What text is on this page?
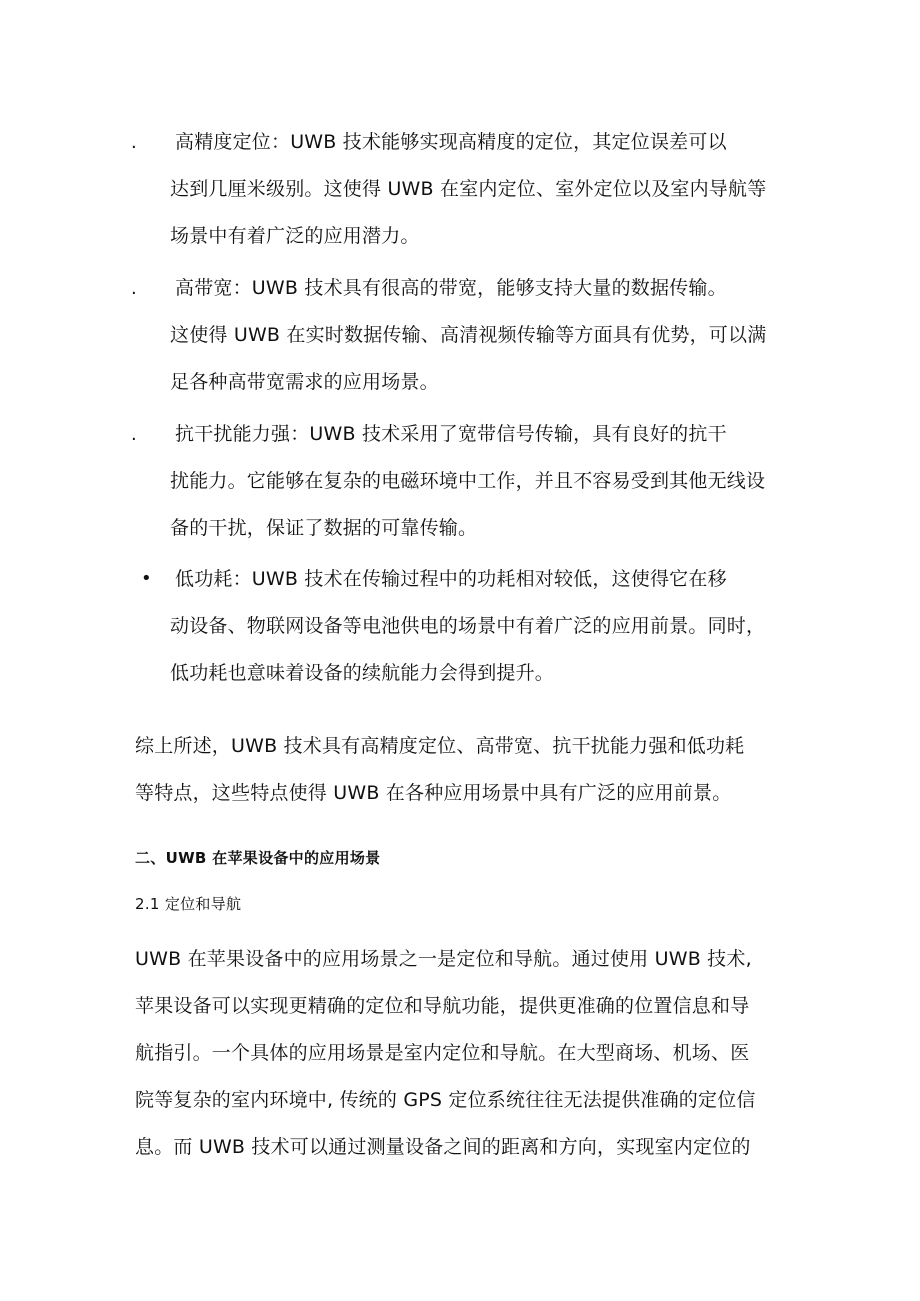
. 高精度定位：UWB 技术能够实现高精度的定位，其定位误差可以
达到几厘米级别。这使得 UWB 在室内定位、室外定位以及室内导航等
场景中有着广泛的应用潜力。
. 高带宽：UWB 技术具有很高的带宽，能够支持大量的数据传输。
这使得 UWB 在实时数据传输、高清视频传输等方面具有优势，可以满
足各种高带宽需求的应用场景。
. 抗干扰能力强：UWB 技术采用了宽带信号传输，具有良好的抗干
扰能力。它能够在复杂的电磁环境中工作，并且不容易受到其他无线设
备的干扰，保证了数据的可靠传输。
• 低功耗：UWB 技术在传输过程中的功耗相对较低，这使得它在移
动设备、物联网设备等电池供电的场景中有着广泛的应用前景。同时，
低功耗也意味着设备的续航能力会得到提升。
综上所述，UWB 技术具有高精度定位、高带宽、抗干扰能力强和低功耗
等特点，这些特点使得 UWB 在各种应用场景中具有广泛的应用前景。
二、UWB 在苹果设备中的应用场景
2.1 定位和导航
UWB 在苹果设备中的应用场景之一是定位和导航。通过使用 UWB 技术,
苹果设备可以实现更精确的定位和导航功能，提供更准确的位置信息和导
航指引。一个具体的应用场景是室内定位和导航。在大型商场、机场、医
院等复杂的室内环境中, 传统的 GPS 定位系统往往无法提供准确的定位信
息。而 UWB 技术可以通过测量设备之间的距离和方向，实现室内定位的
